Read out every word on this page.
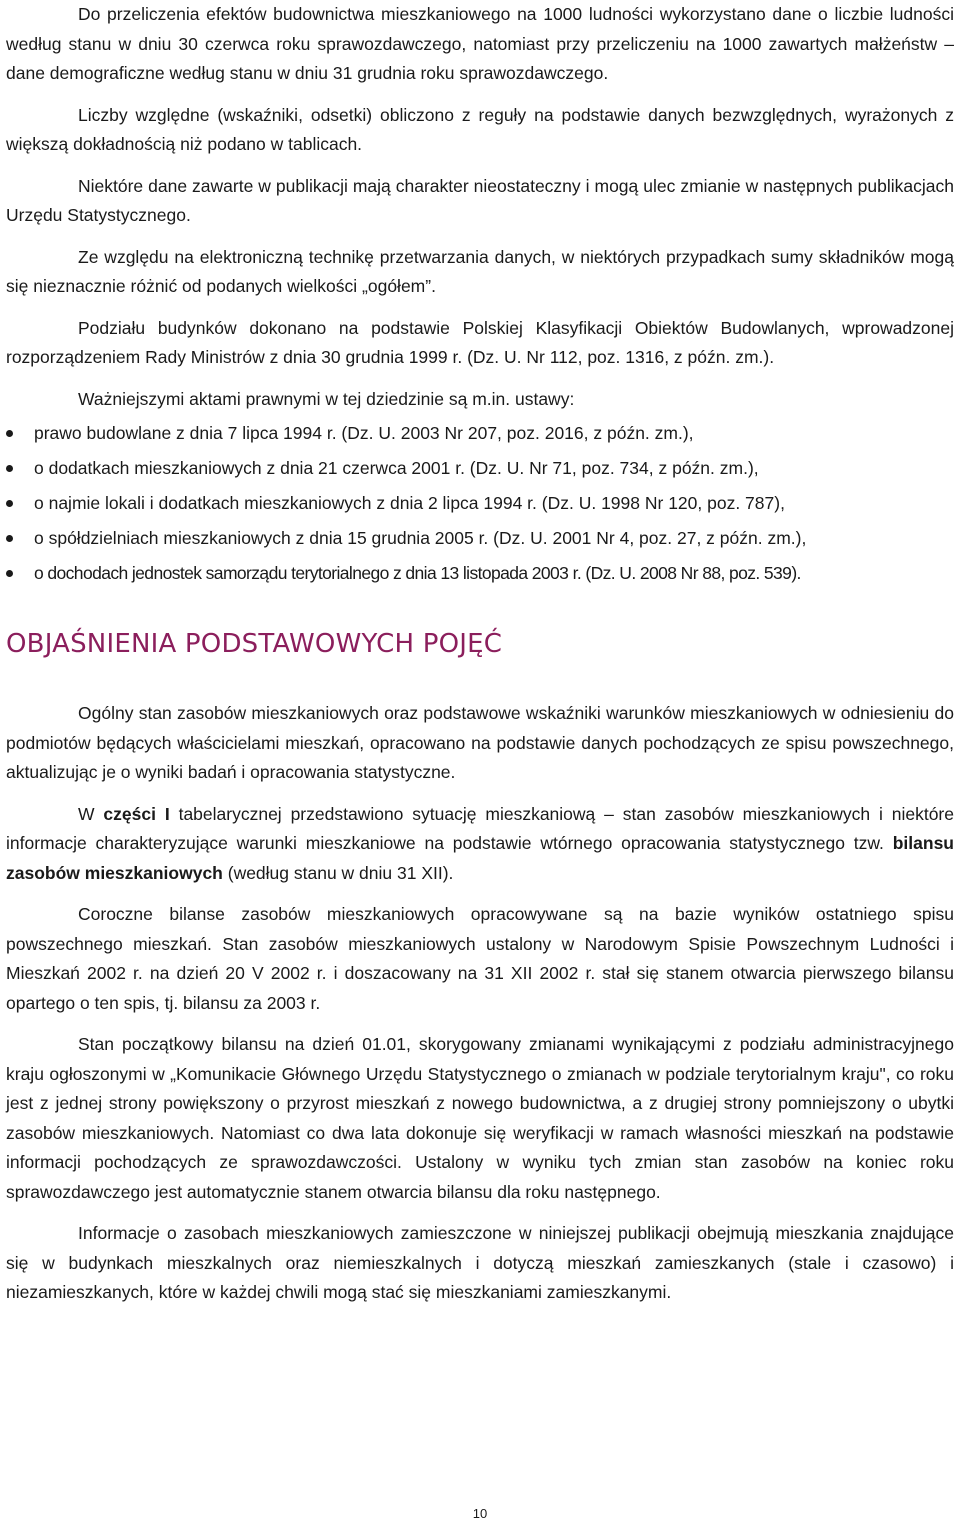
Do przeliczenia efektów budownictwa mieszkaniowego na 1000 ludności wykorzystano dane o liczbie ludności według stanu w dniu 30 czerwca roku sprawozdawczego, natomiast przy przeliczeniu na 1000 zawartych małżeństw – dane demograficzne według stanu w dniu 31 grudnia roku sprawozdawczego.

Liczby względne (wskaźniki, odsetki) obliczono z reguły na podstawie danych bezwzględnych, wyrażonych z większą dokładnością niż podano w tablicach.

Niektóre dane zawarte w publikacji mają charakter nieostateczny i mogą ulec zmianie w następnych publikacjach Urzędu Statystycznego.

Ze względu na elektroniczną technikę przetwarzania danych, w niektórych przypadkach sumy składników mogą się nieznacznie różnić od podanych wielkości „ogółem”.

Podziału budynków dokonano na podstawie Polskiej Klasyfikacji Obiektów Budowlanych, wprowadzonej rozporządzeniem Rady Ministrów z dnia 30 grudnia 1999 r. (Dz. U. Nr 112, poz. 1316, z późn. zm.).

Ważniejszymi aktami prawnymi w tej dziedzinie są m.in. ustawy:

prawo budowlane z dnia 7 lipca 1994 r. (Dz. U. 2003 Nr 207, poz. 2016, z późn. zm.),
o dodatkach mieszkaniowych z dnia 21 czerwca 2001 r. (Dz. U. Nr 71, poz. 734, z późn. zm.),
o najmie lokali i dodatkach mieszkaniowych z dnia 2 lipca 1994 r. (Dz. U. 1998 Nr 120, poz. 787),
o spółdzielniach mieszkaniowych z dnia 15 grudnia 2005 r. (Dz. U. 2001 Nr 4, poz. 27, z późn. zm.),
o dochodach jednostek samorządu terytorialnego z dnia 13 listopada 2003 r. (Dz. U. 2008 Nr 88, poz. 539).
OBJAŚNIENIA PODSTAWOWYCH POJĘĆ

Ogólny stan zasobów mieszkaniowych oraz podstawowe wskaźniki warunków mieszkaniowych w odniesieniu do podmiotów będących właścicielami mieszkań, opracowano na podstawie danych pochodzących ze spisu powszechnego, aktualizując je o wyniki badań i opracowania statystyczne.

W części I tabelarycznej przedstawiono sytuację mieszkaniową – stan zasobów mieszkaniowych i niektóre informacje charakteryzujące warunki mieszkaniowe na podstawie wtórnego opracowania statystycznego tzw. bilansu zasobów mieszkaniowych (według stanu w dniu 31 XII).

Coroczne bilanse zasobów mieszkaniowych opracowywane są na bazie wyników ostatniego spisu powszechnego mieszkań. Stan zasobów mieszkaniowych ustalony w Narodowym Spisie Powszechnym Ludności i Mieszkań 2002 r. na dzień 20 V 2002 r. i doszacowany na 31 XII 2002 r. stał się stanem otwarcia pierwszego bilansu opartego o ten spis, tj. bilansu za 2003 r.

Stan początkowy bilansu na dzień 01.01, skorygowany zmianami wynikającymi z podziału administracyjnego kraju ogłoszonymi w „Komunikacie Głównego Urzędu Statystycznego o zmianach w podziale terytorialnym kraju", co roku jest z jednej strony powiększony o przyrost mieszkań z nowego budownictwa, a z drugiej strony pomniejszony o ubytki zasobów mieszkaniowych. Natomiast co dwa lata dokonuje się weryfikacji w ramach własności mieszkań na podstawie informacji pochodzących ze sprawozdawczości. Ustalony w wyniku tych zmian stan zasobów na koniec roku sprawozdawczego jest automatycznie stanem otwarcia bilansu dla roku następnego.

Informacje o zasobach mieszkaniowych zamieszczone w niniejszej publikacji obejmują mieszkania znajdujące się w budynkach mieszkalnych oraz niemieszkalnych i dotyczą mieszkań zamieszkanych (stale i czasowo) i niezamieszkanych, które w każdej chwili mogą stać się mieszkaniami zamieszkanymi.

10
